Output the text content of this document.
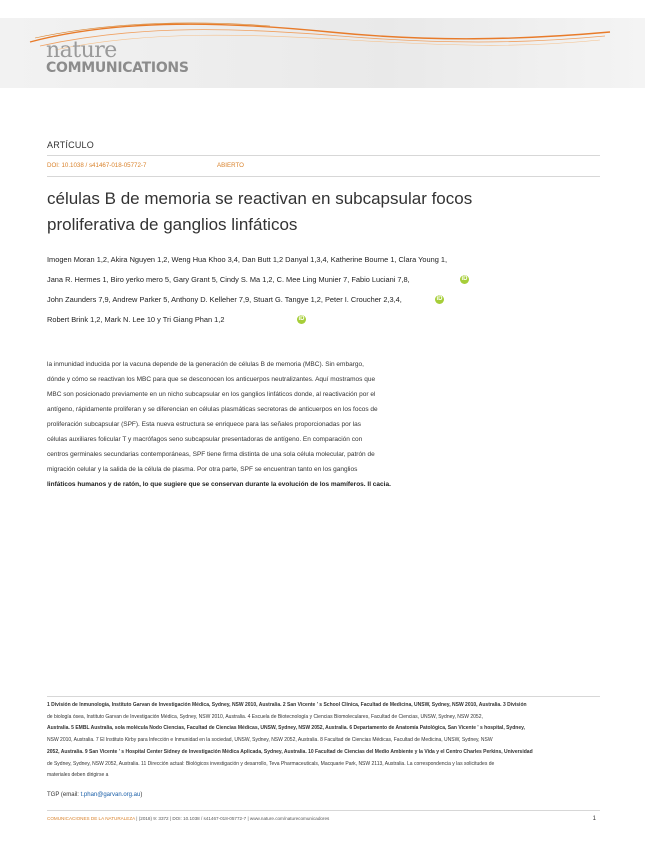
nature
COMMUNICATIONS
ARTÍCULO
DOI: 10.1038 / s41467-018-05772-7	ABIERTO
células B de memoria se reactivan en subcapsular focos
proliferativa de ganglios linfáticos
Imogen Moran 1,2, Akira Nguyen 1,2, Weng Hua Khoo 3,4, Dan Butt 1,2 Danyal 1,3,4, Katherine Bourne 1, Clara Young 1,
Jana R. Hermes 1, Biro yerko mero 5, Gary Grant 5, Cindy S. Ma 1,2, C. Mee Ling Munier 7, Fabio Luciani 7,8,	iD
John Zaunders 7,9, Andrew Parker 5, Anthony D. Kelleher 7,9, Stuart G. Tangye 1,2, Peter I. Croucher 2,3,4,	iD
Robert Brink 1,2, Mark N. Lee 10 y Tri Giang Phan 1,2	iD
la inmunidad inducida por la vacuna depende de la generación de células B de memoria (MBC). Sin embargo,
dónde y cómo se reactivan los MBC para que se desconocen los anticuerpos neutralizantes. Aquí mostramos que
MBC son posicionado previamente en un nicho subcapsular en los ganglios linfáticos donde, al reactivación por el
antígeno, rápidamente proliferan y se diferencian en células plasmáticas secretoras de anticuerpos en los focos de
proliferación subcapsular (SPF). Esta nueva estructura se enriquece para las señales proporcionadas por las
células auxiliares folicular T y macrófagos seno subcapsular presentadoras de antígeno. En comparación con
centros germinales secundarias contemporáneas, SPF tiene firma distinta de una sola célula molecular, patrón de
migración celular y la salida de la célula de plasma. Por otra parte, SPF se encuentran tanto en los ganglios
linfáticos humanos y de ratón, lo que sugiere que se conservan durante la evolución de los mamíferos. Il cacia.
1 División de Inmunología, Instituto Garvan de Investigación Médica, Sydney, NSW 2010, Australia. 2 San Vicente ' s School Clínica, Facultad de Medicina, UNSW, Sydney, NSW 2010, Australia. 3 División
de biología ósea, Instituto Garvan de Investigación Médica, Sydney, NSW 2010, Australia. 4 Escuela de Biotecnología y Ciencias Biomoleculares, Facultad de Ciencias, UNSW, Sydney, NSW 2052,
Australia. 5 EMBL Australia, sola molécula Nodo Ciencias, Facultad de Ciencias Médicas, UNSW, Sydney, NSW 2052, Australia. 6 Departamento de Anatomía Patológica, San Vicente ' s hospital, Sydney,
NSW 2010, Australia. 7 El Instituto Kirby para Infección e Inmunidad en la sociedad, UNSW, Sydney, NSW 2052, Australia. 8 Facultad de Ciencias Médicas, Facultad de Medicina, UNSW, Sydney, NSW
2052, Australia. 9 San Vicente ' s Hospital Center Sidney de Investigación Médica Aplicada, Sydney, Australia. 10 Facultad de Ciencias del Medio Ambiente y la Vida y el Centro Charles Perkins, Universidad
de Sydney, Sydney, NSW 2052, Australia. 11 Dirección actual: Biológicos investigación y desarrollo, Teva Pharmaceuticals, Macquarie Park, NSW 2113, Australia. La correspondencia y las solicitudes de
materiales deben dirigirse a
TGP (email: t.phan@garvan.org.au)
COMUNICACIONES DE LA NATURALEZA | (2018) 9: 3372 | DOI: 10.1038 / s41467-018-05772-7 | www.nature.com/naturecomunicadores	1
